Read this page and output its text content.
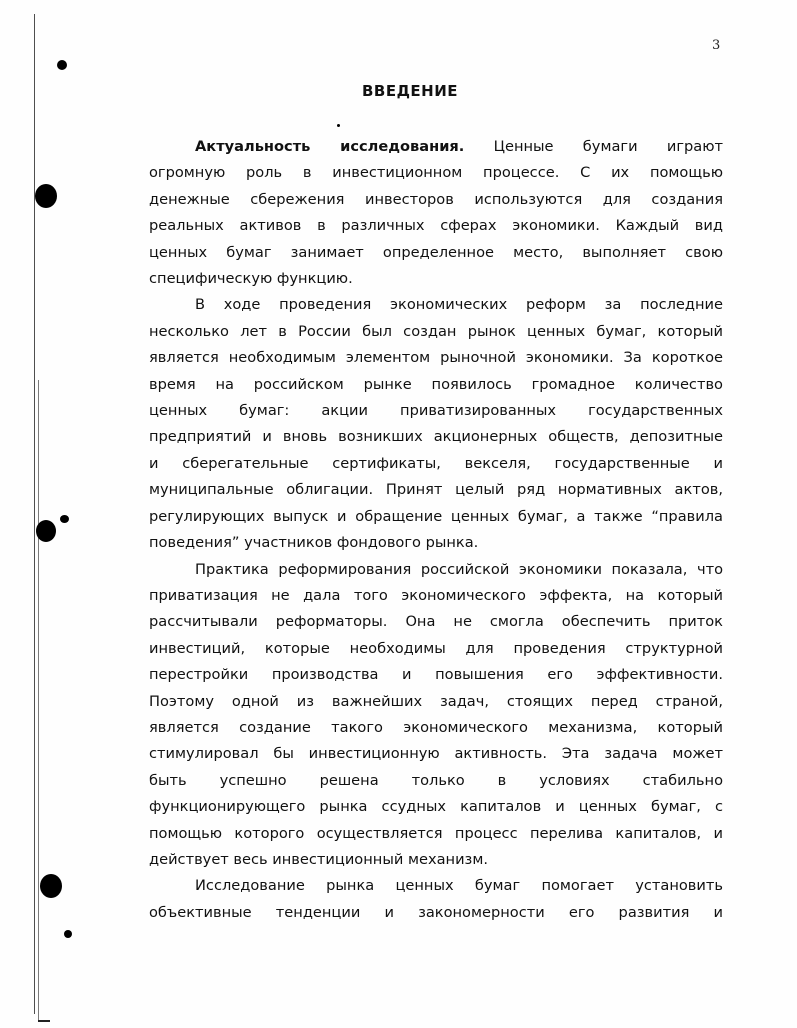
3
ВВЕДЕНИЕ

Актуальность исследования. Ценные бумаги играют
огромную роль в инвестиционном процессе. С их помощью
денежные сбережения инвесторов используются для создания
реальных активов в различных сферах экономики. Каждый вид
ценных бумаг занимает определенное место, выполняет свою
специфическую функцию.

В ходе проведения экономических реформ за последние
несколько лет в России был создан рынок ценных бумаг, который
является необходимым элементом рыночной экономики. За короткое
время на российском рынке появилось громадное количество
ценных бумаг: акции приватизированных государственных
предприятий и вновь возникших акционерных обществ, депозитные
и сберегательные сертификаты, векселя, государственные и
муниципальные облигации. Принят целый ряд нормативных актов,
регулирующих выпуск и обращение ценных бумаг, а также “правила
поведения” участников фондового рынка.

Практика реформирования российской экономики показала, что
приватизация не дала того экономического эффекта, на который
рассчитывали реформаторы. Она не смогла обеспечить приток
инвестиций, которые необходимы для проведения структурной
перестройки производства и повышения его эффективности.
Поэтому одной из важнейших задач, стоящих перед страной,
является создание такого экономического механизма, который
стимулировал бы инвестиционную активность. Эта задача может
быть успешно решена только в условиях стабильно
функционирующего рынка ссудных капиталов и ценных бумаг, с
помощью которого осуществляется процесс перелива капиталов, и
действует весь инвестиционный механизм.

Исследование рынка ценных бумаг помогает установить
объективные тенденции и закономерности его развития и
